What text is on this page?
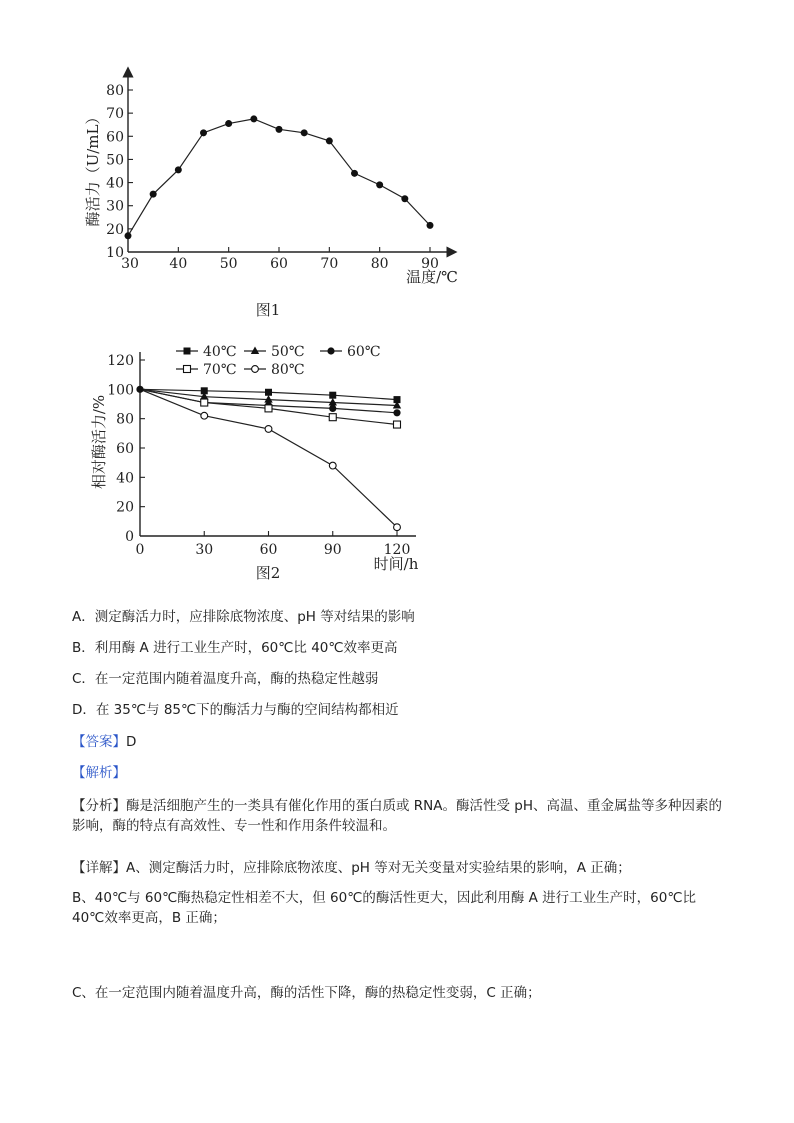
10
20
30
40
50
60
70
80
30 40 50 60 70 80 90
温度/℃
酶活力（U/mL）
图1
0
20
40
60
80
100
120
0	30	60	90	120
时间/h
相对酶活力/%
图2
40℃ 50℃	60℃
70℃ 80℃
A．测定酶活力时，应排除底物浓度、pH 等对结果的影响
B．利用酶 A 进行工业生产时，60℃比 40℃效率更高
C．在一定范围内随着温度升高，酶的热稳定性越弱
D．在 35℃与 85℃下的酶活力与酶的空间结构都相近
【答案】D
【解析】
【分析】酶是活细胞产生的一类具有催化作用的蛋白质或 RNA。酶活性受 pH、高温、重金属盐等多种因素的影响，酶的特点有高效性、专一性和作用条件较温和。
【详解】A、测定酶活力时，应排除底物浓度、pH 等对无关变量对实验结果的影响，A 正确；
B、40℃与 60℃酶热稳定性相差不大，但 60℃的酶活性更大，因此利用酶 A 进行工业生产时，60℃比 40℃效率更高，B 正确；
C、在一定范围内随着温度升高，酶的活性下降，酶的热稳定性变弱，C 正确；
